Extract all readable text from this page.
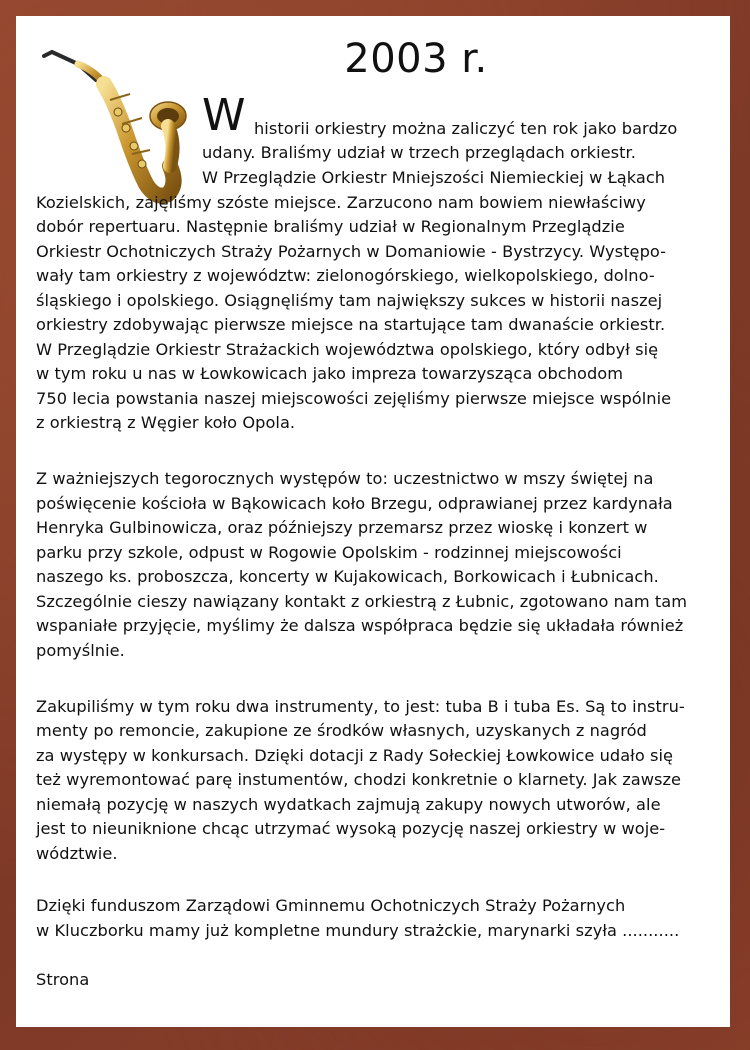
2003 r.
W historii orkiestry można zaliczyć ten rok jako bardzo
udany. Braliśmy udział w trzech przeglądach orkiestr.
W Przeglądzie Orkiestr Mniejszości Niemieckiej w Łąkach
Kozielskich, zajęliśmy szóste miejsce. Zarzucono nam bowiem niewłaściwy
dobór repertuaru. Następnie braliśmy udział w Regionalnym Przeglądzie
Orkiestr Ochotniczych Straży Pożarnych w Domaniowie - Bystrzycy. Występo-
wały tam orkiestry z województw: zielonogórskiego, wielkopolskiego, dolno-
śląskiego i opolskiego. Osiągnęliśmy tam największy sukces w historii naszej
orkiestry zdobywając pierwsze miejsce na startujące tam dwanaście orkiestr.
W Przeglądzie Orkiestr Strażackich województwa opolskiego, który odbył się
w tym roku u nas w Łowkowicach jako impreza towarzysząca obchodom
750 lecia powstania naszej miejscowości zejęliśmy pierwsze miejsce wspólnie
z orkiestrą z Węgier koło Opola.
Z ważniejszych tegorocznych występów to: uczestnictwo w mszy świętej na
poświęcenie kościoła w Bąkowicach koło Brzegu, odprawianej przez kardynała
Henryka Gulbinowicza, oraz późniejszy przemarsz przez wioskę i konzert w
parku przy szkole, odpust w Rogowie Opolskim - rodzinnej miejscowości
naszego ks. proboszcza, koncerty w Kujakowicach, Borkowicach i Łubnicach.
Szczególnie cieszy nawiązany kontakt z orkiestrą z Łubnic, zgotowano nam tam
wspaniałe przyjęcie, myślimy że dalsza współpraca będzie się układała również
pomyślnie.
Zakupiliśmy w tym roku dwa instrumenty, to jest: tuba B i tuba Es. Są to instru-
menty po remoncie, zakupione ze środków własnych, uzyskanych z nagród
za występy w konkursach. Dzięki dotacji z Rady Sołeckiej Łowkowice udało się
też wyremontować parę instumentów, chodzi konkretnie o klarnety. Jak zawsze
niemałą pozycję w naszych wydatkach zajmują zakupy nowych utworów, ale
jest to nieuniknione chcąc utrzymać wysoką pozycję naszej orkiestry w woje-
wództwie.
Dzięki funduszom Zarządowi Gminnemu Ochotniczych Straży Pożarnych
w Kluczborku mamy już kompletne mundury strażckie, marynarki szyła ...........
Strona
